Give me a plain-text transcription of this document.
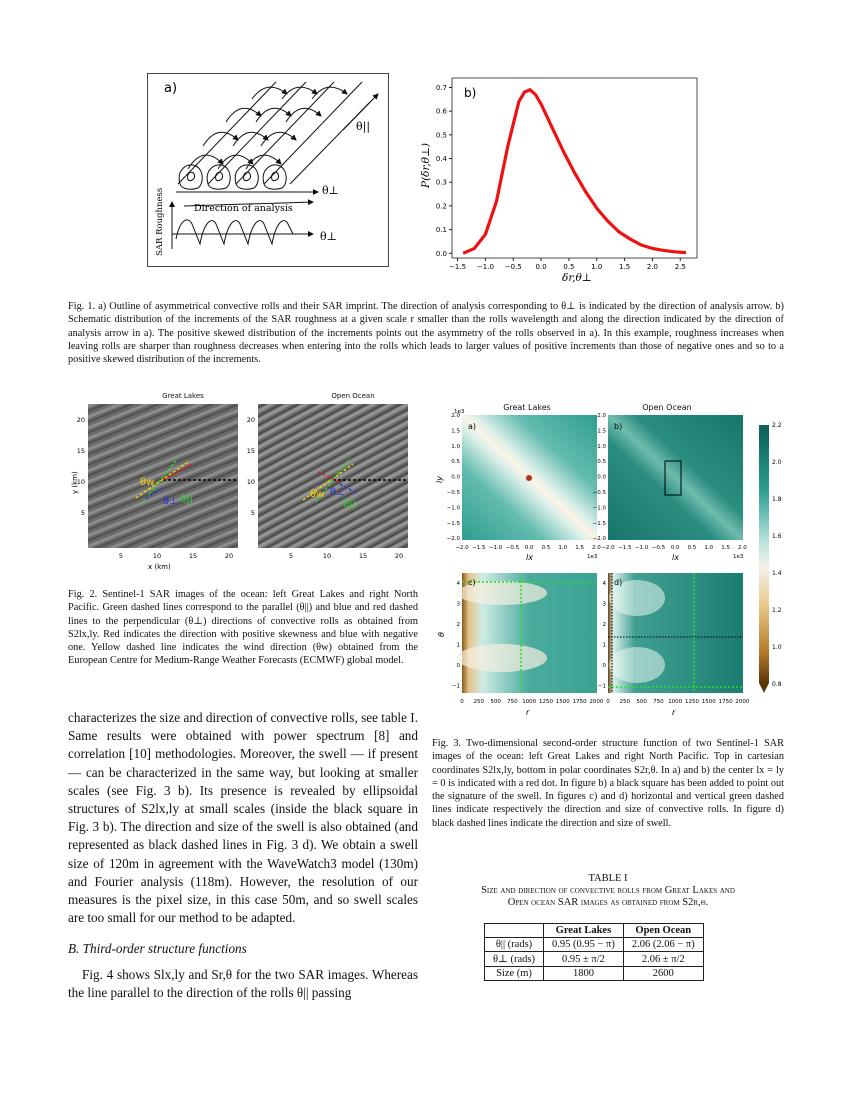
a)
θ||
θ⊥
Direction of analysis
SAR Roughness	θ⊥
0.0
0.1
0.2
0.3
0.4
0.5
0.6
0.7
−1.5 −1.0 −0.5 0.0 0.5 1.0 1.5 2.0 2.5
b)
P(δr,θ⊥)
δr,θ⊥
Fig. 1. a) Outline of asymmetrical convective rolls and their SAR imprint. The direction of analysis corresponding to θ⊥ is indicated by the direction of analysis arrow. b) Schematic distribution of the increments of the SAR roughness at a given scale r smaller than the rolls wavelength and along the direction indicated by the direction of analysis arrow in a). The positive skewed distribution of the increments points out the asymmetry of the rolls observed in a). In this example, roughness increases when leaving rolls are sharper than roughness decreases when entering into the rolls which leads to larger values of positive increments than those of negative ones and so to a positive skewed distribution of the increments.
Great Lakes	Open Ocean
θw
θ⊥ θ||	θw θ⊥
θ||
20
15
10
5
5	10	15	20
20
15
10
5
5	10	15	20
y (km)
x (km)
Fig. 2. Sentinel-1 SAR images of the ocean: left Great Lakes and right North Pacific. Green dashed lines correspond to the parallel (θ||) and blue and red dashed lines to the perpendicular (θ⊥) directions of convective rolls as obtained from S2lx,ly. Red indicates the direction with positive skewness and blue with negative one. Yellow dashed line indicates the wind direction (θw) obtained from the European Centre for Medium-Range Weather Forecasts (ECMWF) global model.
Great Lakes	Open Ocean
2.2
2.0
1.8
1.6
1.4
1.2
1.0
0.8
a)	b)
c)	d)
1e3
1e3	1e3
2.0
1.5
1.0
0.5
0.0
−0.5
−1.0
−1.5
−2.0
−2.0 −1.5 −1.0 −0.5 0.0 0.5 1.0 1.5 2.0
4
3
2
1
0
−1
0 250 500 750 1000 1250 1500 1750 2000
2.0
1.5
1.0
0.5
0.0
−0.5
−1.0
−1.5
−2.0
−2.0 −1.5 −1.0 −0.5 0.0 0.5 1.0 1.5 2.0
4
3
2
1
0
−1
0 250 500 750 1000 1250 1500 1750 2000
ly
lx	lx
θ
r	r
Fig. 3. Two-dimensional second-order structure function of two Sentinel-1 SAR images of the ocean: left Great Lakes and right North Pacific. Top in cartesian coordinates S2lx,ly, bottom in polar coordinates S2r,θ. In a) and b) the center lx = ly = 0 is indicated with a red dot. In figure b) a black square has been added to point out the signature of the swell. In figures c) and d) horizontal and vertical green dashed lines indicate respectively the direction and size of convective rolls. In figure d) black dashed lines indicate the direction and size of swell.
characterizes the size and direction of convective rolls, see table I. Same results were obtained with power spectrum [8] and correlation [10] methodologies. Moreover, the swell — if present — can be characterized in the same way, but looking at smaller scales (see Fig. 3 b). Its presence is revealed by ellipsoidal structures of S2lx,ly at small scales (inside the black square in Fig. 3 b). The direction and size of the swell is also obtained (and represented as black dashed lines in Fig. 3 d). We obtain a swell size of 120m in agreement with the WaveWatch3 model (130m) and Fourier analysis (118m). However, the resolution of our measures is the pixel size, in this case 50m, and so swell scales are too small for our method to be adapted.
B. Third-order structure functions
Fig. 4 shows Slx,ly and Sr,θ for the two SAR images. Whereas the line parallel to the direction of the rolls θ|| passing
TABLE I
Size and direction of convective rolls from Great Lakes and
Open ocean SAR images as obtained from S2r,θ.
	Great Lakes	Open Ocean
θ|| (rads)	0.95 (0.95 − π)	2.06 (2.06 − π)
θ⊥ (rads)	0.95 ± π/2	2.06 ± π/2
Size (m)	1800	2600
